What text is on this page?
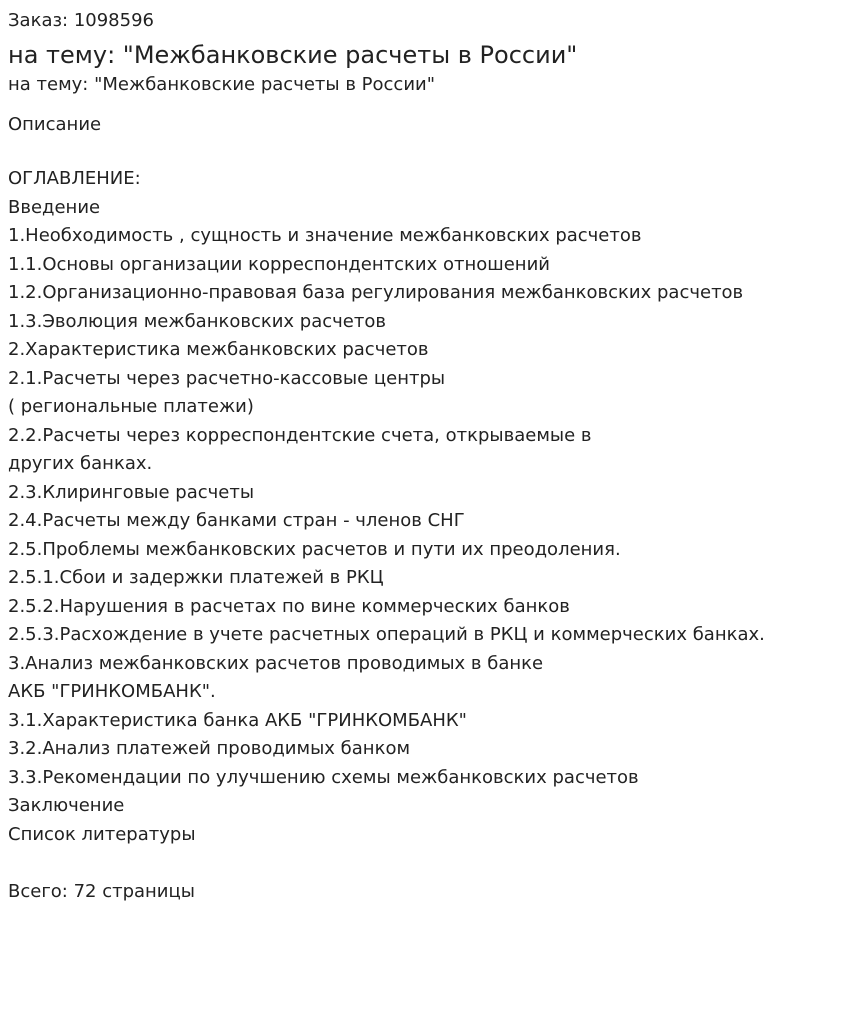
Заказ: 1098596
на тему: "Межбанковские расчеты в России"
на тему: "Межбанковские расчеты в России"
Описание
ОГЛАВЛЕНИЕ:
Введение
1.Необходимость , сущность и значение межбанковских расчетов
1.1.Основы организации корреспондентских отношений
1.2.Организационно-правовая база регулирования межбанковских расчетов
1.3.Эволюция межбанковских расчетов
2.Характеристика межбанковских расчетов
2.1.Расчеты через расчетно-кассовые центры
( региональные платежи)
2.2.Расчеты через корреспондентские счета, открываемые в
других банках.
2.3.Клиринговые расчеты
2.4.Расчеты между банками стран - членов СНГ
2.5.Проблемы межбанковских расчетов и пути их преодоления.
2.5.1.Сбои и задержки платежей в РКЦ
2.5.2.Нарушения в расчетах по вине коммерческих банков
2.5.3.Расхождение в учете расчетных операций в РКЦ и коммерческих банках.
3.Анализ межбанковских расчетов проводимых в банке
АКБ "ГРИНКОМБАНК".
3.1.Характеристика банка АКБ "ГРИНКОМБАНК"
3.2.Анализ платежей проводимых банком
3.3.Рекомендации по улучшению схемы межбанковских расчетов
Заключение
Список литературы
Всего: 72 страницы
